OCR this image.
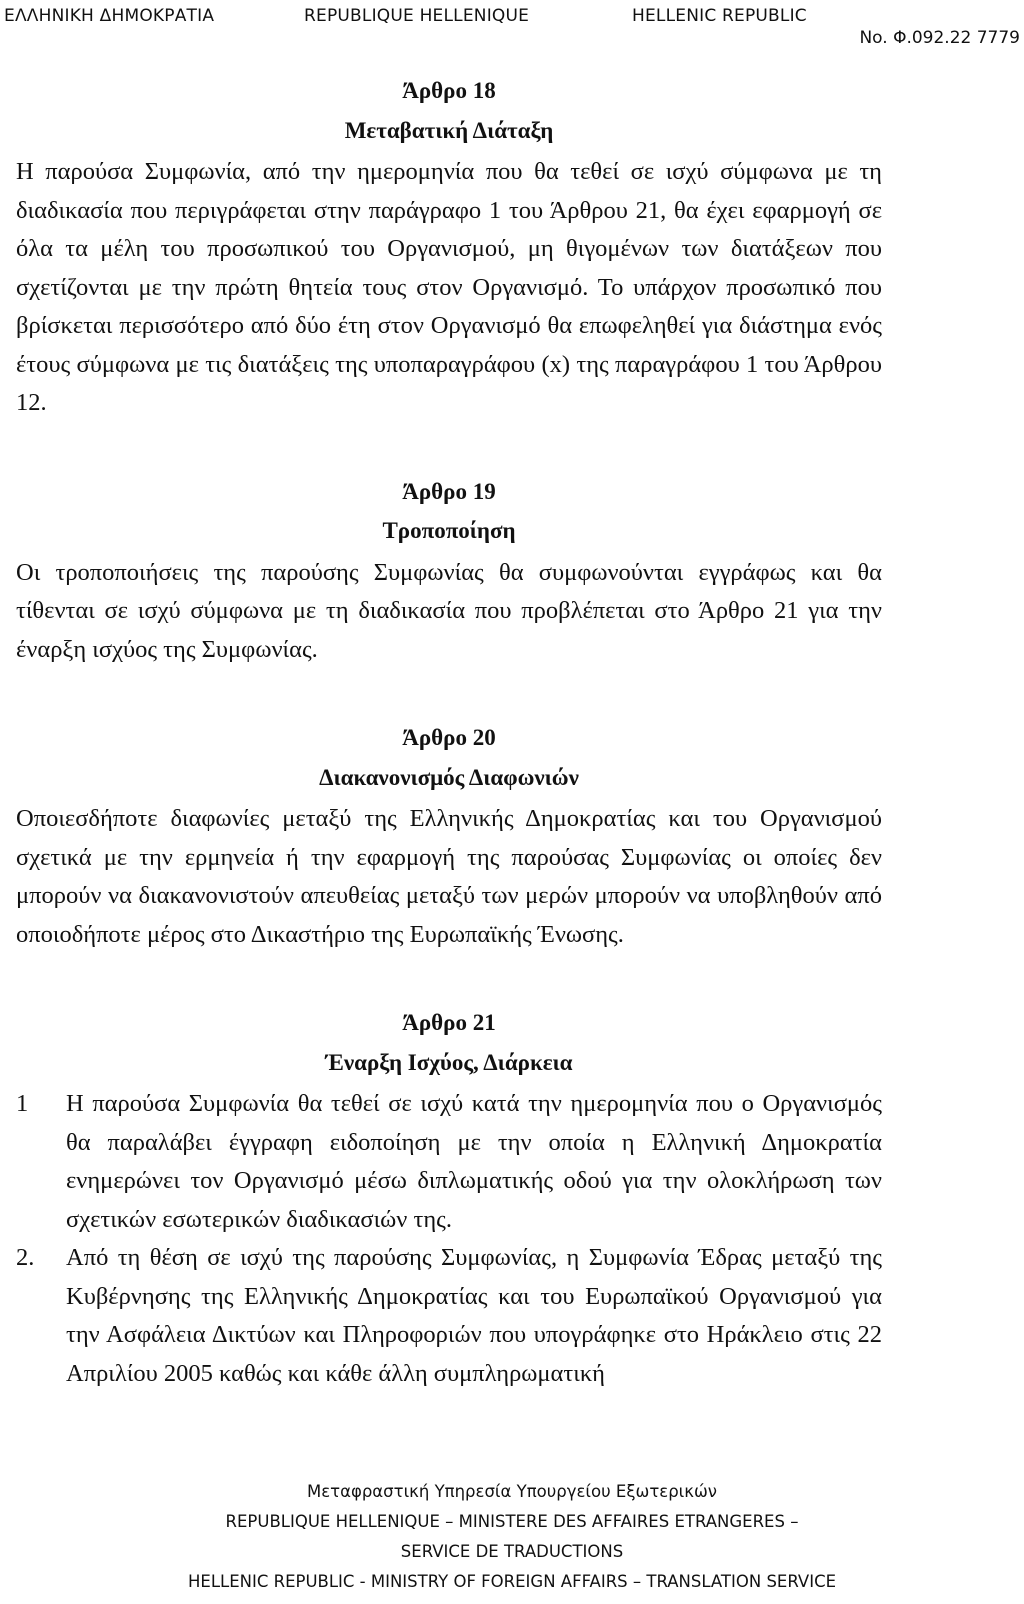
ΕΛΛΗΝΙΚΗ ΔΗΜΟΚΡΑΤΙΑ	REPUBLIQUE HELLENIQUE	HELLENIC REPUBLIC
No. Φ.092.22 7779

Άρθρο 18

Μεταβατική Διάταξη

Η παρούσα Συμφωνία, από την ημερομηνία που θα τεθεί σε ισχύ σύμφωνα με τη διαδικασία που περιγράφεται στην παράγραφο 1 του Άρθρου 21, θα έχει εφαρμογή σε όλα τα μέλη του προσωπικού του Οργανισμού, μη θιγομένων των διατάξεων που σχετίζονται με την πρώτη θητεία τους στον Οργανισμό. Το υπάρχον προσωπικό που βρίσκεται περισσότερο από δύο έτη στον Οργανισμό θα επωφεληθεί για διάστημα ενός έτους σύμφωνα με τις διατάξεις της υποπαραγράφου (x) της παραγράφου 1 του Άρθρου 12.

Άρθρο 19

Τροποποίηση

Οι τροποποιήσεις της παρούσης Συμφωνίας θα συμφωνούνται εγγράφως και θα τίθενται σε ισχύ σύμφωνα με τη διαδικασία που προβλέπεται στο Άρθρο 21 για την έναρξη ισχύος της Συμφωνίας.

Άρθρο 20

Διακανονισμός Διαφωνιών

Οποιεσδήποτε διαφωνίες μεταξύ της Ελληνικής Δημοκρατίας και του Οργανισμού σχετικά με την ερμηνεία ή την εφαρμογή της παρούσας Συμφωνίας οι οποίες δεν μπορούν να διακανονιστούν απευθείας μεταξύ των μερών μπορούν να υποβληθούν από οποιοδήποτε μέρος στο Δικαστήριο της Ευρωπαϊκής Ένωσης.

Άρθρο 21

Έναρξη Ισχύος, Διάρκεια

1 Η παρούσα Συμφωνία θα τεθεί σε ισχύ κατά την ημερομηνία που ο Οργανισμός θα παραλάβει έγγραφη ειδοποίηση με την οποία η Ελληνική Δημοκρατία ενημερώνει τον Οργανισμό μέσω διπλωματικής οδού για την ολοκλήρωση των σχετικών εσωτερικών διαδικασιών της.
2. Από τη θέση σε ισχύ της παρούσης Συμφωνίας, η Συμφωνία Έδρας μεταξύ της Κυβέρνησης της Ελληνικής Δημοκρατίας και του Ευρωπαϊκού Οργανισμού για την Ασφάλεια Δικτύων και Πληροφοριών που υπογράφηκε στο Ηράκλειο στις 22 Απριλίου 2005 καθώς και κάθε άλλη συμπληρωματική
Μεταφραστική Υπηρεσία Υπουργείου Εξωτερικών
REPUBLIQUE HELLENIQUE – MINISTERE DES AFFAIRES ETRANGERES –
SERVICE DE TRADUCTIONS
HELLENIC REPUBLIC - MINISTRY OF FOREIGN AFFAIRS – TRANSLATION SERVICE
